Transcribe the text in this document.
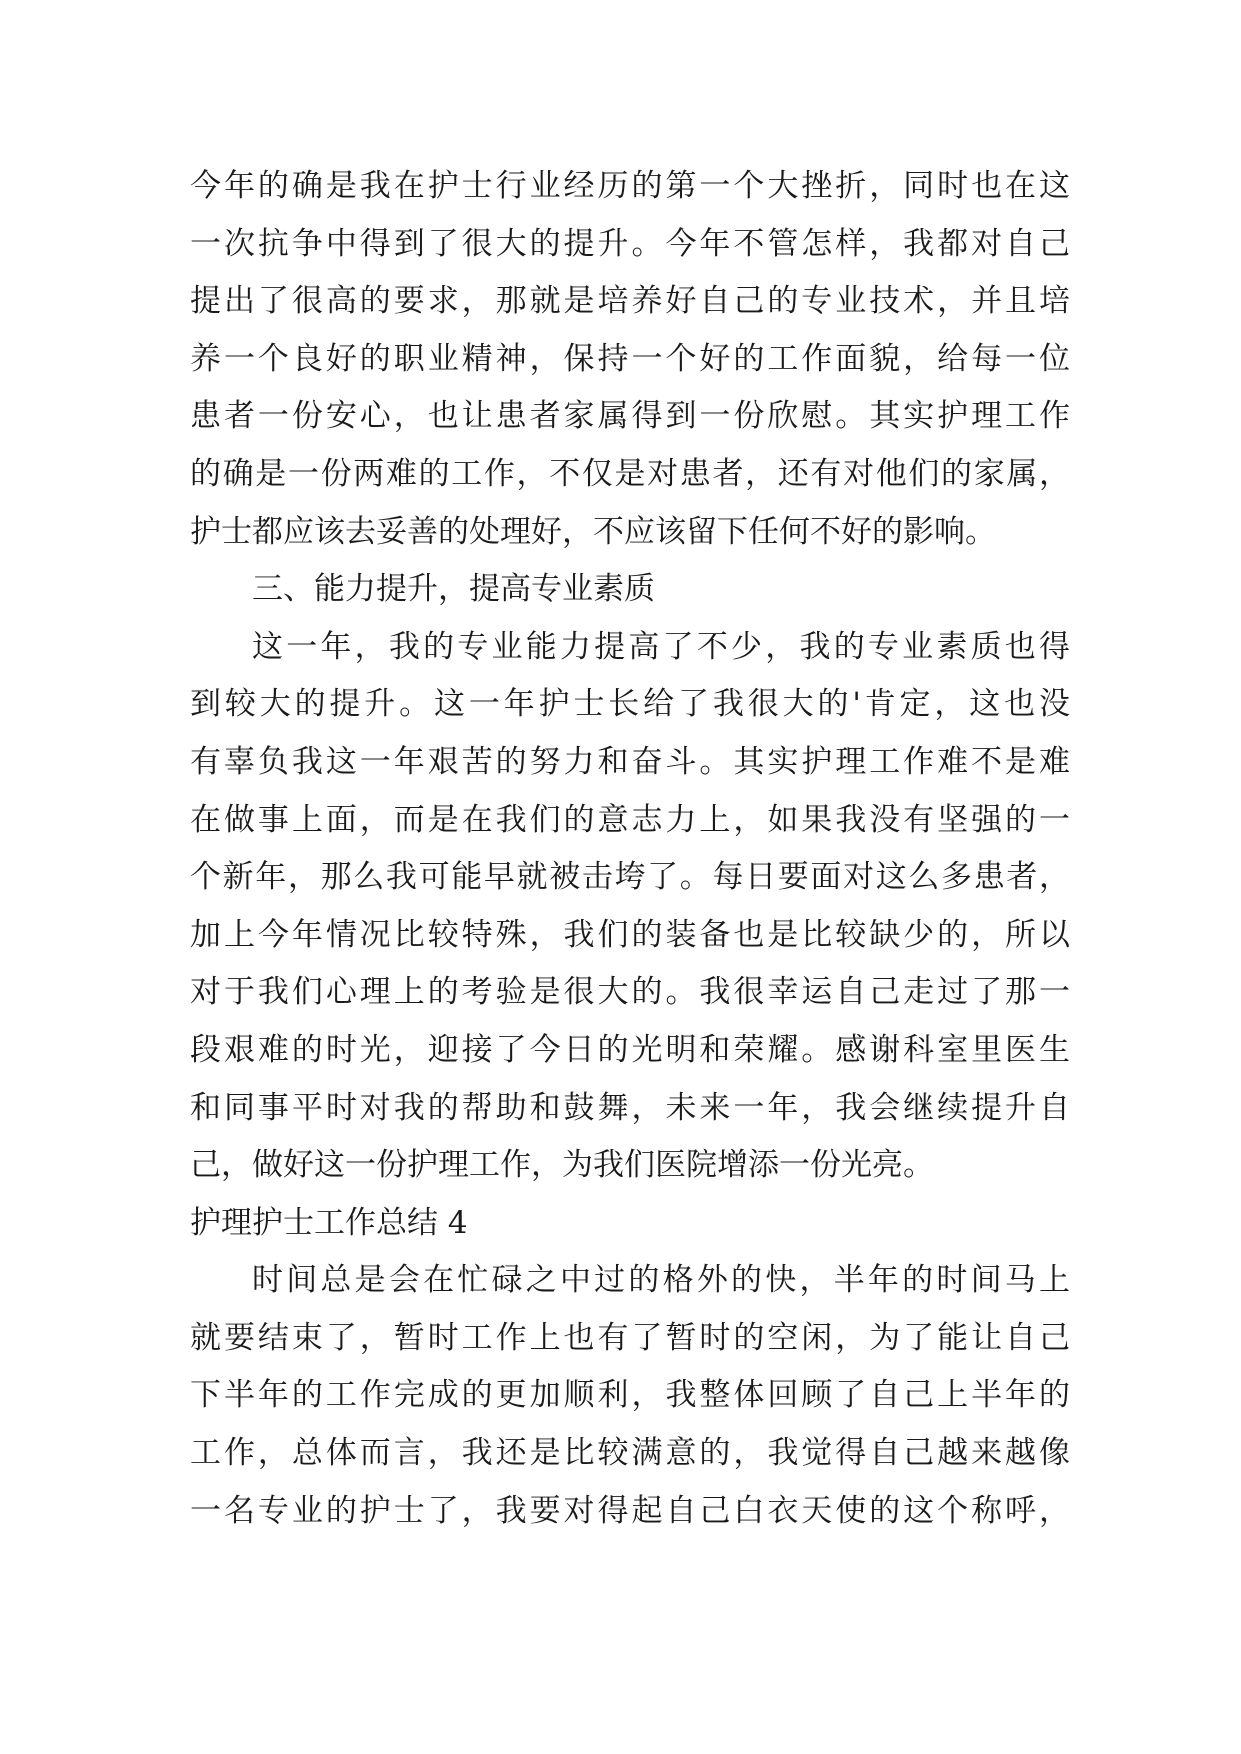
今年的确是我在护士行业经历的第一个大挫折，同时也在这
一次抗争中得到了很大的提升。今年不管怎样，我都对自己
提出了很高的要求，那就是培养好自己的专业技术，并且培
养一个良好的职业精神，保持一个好的工作面貌，给每一位
患者一份安心，也让患者家属得到一份欣慰。其实护理工作
的确是一份两难的工作，不仅是对患者，还有对他们的家属，
护士都应该去妥善的处理好，不应该留下任何不好的影响。
三、能力提升，提高专业素质
这一年，我的专业能力提高了不少，我的专业素质也得
到较大的提升。这一年护士长给了我很大的'肯定，这也没
有辜负我这一年艰苦的努力和奋斗。其实护理工作难不是难
在做事上面，而是在我们的意志力上，如果我没有坚强的一
个新年，那么我可能早就被击垮了。每日要面对这么多患者，
加上今年情况比较特殊，我们的装备也是比较缺少的，所以
对于我们心理上的考验是很大的。我很幸运自己走过了那一
段艰难的时光，迎接了今日的光明和荣耀。感谢科室里医生
和同事平时对我的帮助和鼓舞，未来一年，我会继续提升自
己，做好这一份护理工作，为我们医院增添一份光亮。
护理护士工作总结 4
时间总是会在忙碌之中过的格外的快，半年的时间马上
就要结束了，暂时工作上也有了暂时的空闲，为了能让自己
下半年的工作完成的更加顺利，我整体回顾了自己上半年的
工作，总体而言，我还是比较满意的，我觉得自己越来越像
一名专业的护士了，我要对得起自己白衣天使的这个称呼，
